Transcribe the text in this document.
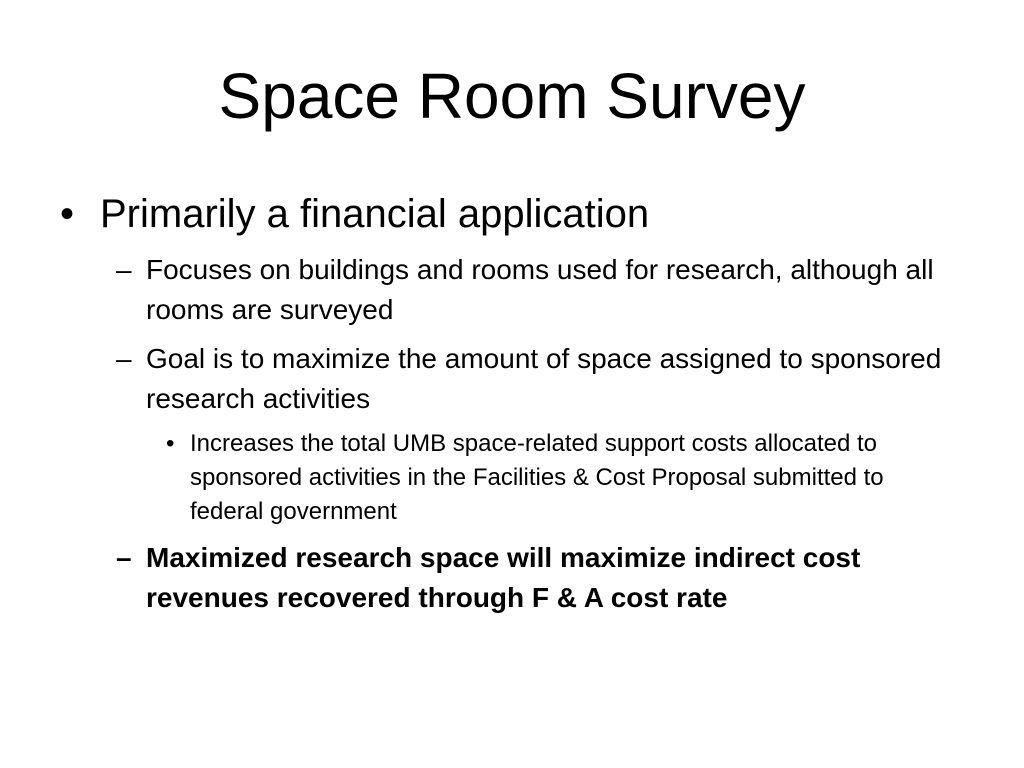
Space Room Survey
• Primarily a financial application
– Focuses on buildings and rooms used for research, although all rooms are surveyed
– Goal is to maximize the amount of space assigned to sponsored research activities
• Increases the total UMB space-related support costs allocated to sponsored activities in the Facilities & Cost Proposal submitted to federal government
– Maximized research space will maximize indirect cost revenues recovered through F & A cost rate
